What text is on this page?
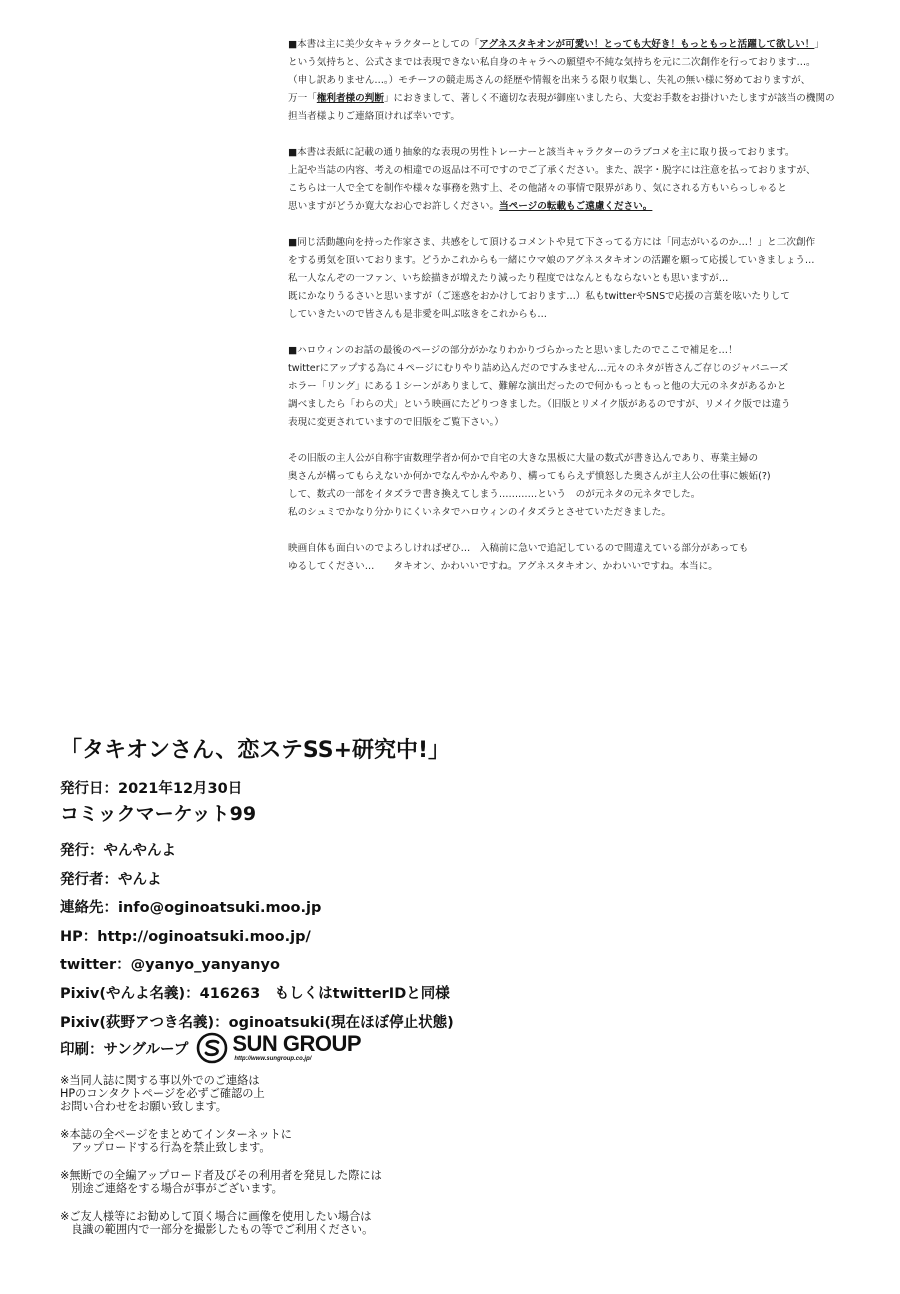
■本書は主に美少女キャラクターとしての「アグネスタキオンが可愛い！とっても大好き！もっともっと活躍して欲しい！」
という気持ちと、公式さまでは表現できない私自身のキャラへの願望や不純な気持ちを元に二次創作を行っております…。
（申し訳ありません…。）モチーフの競走馬さんの経歴や情報を出来うる限り収集し、失礼の無い様に努めておりますが、
万一「権利者様の判断」におきまして、著しく不適切な表現が御座いましたら、大変お手数をお掛けいたしますが該当の機関の
担当者様よりご連絡頂ければ幸いです。

■本書は表紙に記載の通り抽象的な表現の男性トレーナーと該当キャラクターのラブコメを主に取り扱っております。
上記や当誌の内容、考えの相違での返品は不可ですのでご了承ください。また、誤字・脱字には注意を払っておりますが、
こちらは一人で全てを制作や様々な事務を熟す上、その他諸々の事情で限界があり、気にされる方もいらっしゃると
思いますがどうか寛大なお心でお許しください。当ページの転載もご遠慮ください。

■同じ活動趣向を持った作家さま、共感をして頂けるコメントや見て下さってる方には「同志がいるのか…！」と二次創作
をする勇気を頂いております。どうかこれからも一緒にウマ娘のアグネスタキオンの活躍を願って応援していきましょう…
私一人なんぞの一ファン、いち絵描きが増えたり減ったり程度ではなんともならないとも思いますが…
既にかなりうるさいと思いますが（ご迷惑をおかけしております…）私もtwitterやSNSで応援の言葉を呟いたりして
していきたいので皆さんも是非愛を叫ぶ呟きをこれからも…

■ハロウィンのお話の最後のページの部分がかなりわかりづらかったと思いましたのでここで補足を…！
twitterにアップする為に４ページにむりやり詰め込んだのですみません…元々のネタが皆さんご存じのジャパニーズ
ホラー「リング」にある１シーンがありまして、難解な演出だったので何かもっともっと他の大元のネタがあるかと
調べましたら「わらの犬」という映画にたどりつきました。（旧版とリメイク版があるのですが、リメイク版では違う
表現に変更されていますので旧版をご覧下さい。）

その旧版の主人公が自称宇宙数理学者か何かで自宅の大きな黒板に大量の数式が書き込んであり、専業主婦の
奥さんが構ってもらえないか何かでなんやかんやあり、構ってもらえず憤怒した奥さんが主人公の仕事に嫉妬(?)
して、数式の一部をイタズラで書き換えてしまう…………という　のが元ネタの元ネタでした。
私のシュミでかなり分かりにくいネタでハロウィンのイタズラとさせていただきました。

映画自体も面白いのでよろしければぜひ…　入稿前に急いで追記しているので間違えている部分があっても
ゆるしてください…　　タキオン、かわいいですね。アグネスタキオン、かわいいですね。本当に。

「タキオンさん、恋ステSS+研究中!」
発行日：2021年12月30日
コミックマーケット99
発行：やんやんよ
発行者：やんよ
連絡先：info@oginoatsuki.moo.jp
HP：http://oginoatsuki.moo.jp/
twitter：@yanyo_yanyanyo
Pixiv(やんよ名義)：416263　もしくはtwitterIDと同様
Pixiv(荻野アつき名義)：oginoatsuki(現在ほぼ停止状態)
印刷：サングループ SUN GROUP
http://www.sungroup.co.jp/
※当同人誌に関する事以外でのご連絡は
HPのコンタクトページを必ずご確認の上
お問い合わせをお願い致します。
※本誌の全ページをまとめてインターネットに
　アップロードする行為を禁止致します。
※無断での全編アップロード者及びその利用者を発見した際には
　別途ご連絡をする場合が事がございます。
※ご友人様等にお勧めして頂く場合に画像を使用したい場合は
　良識の範囲内で一部分を撮影したもの等でご利用ください。
